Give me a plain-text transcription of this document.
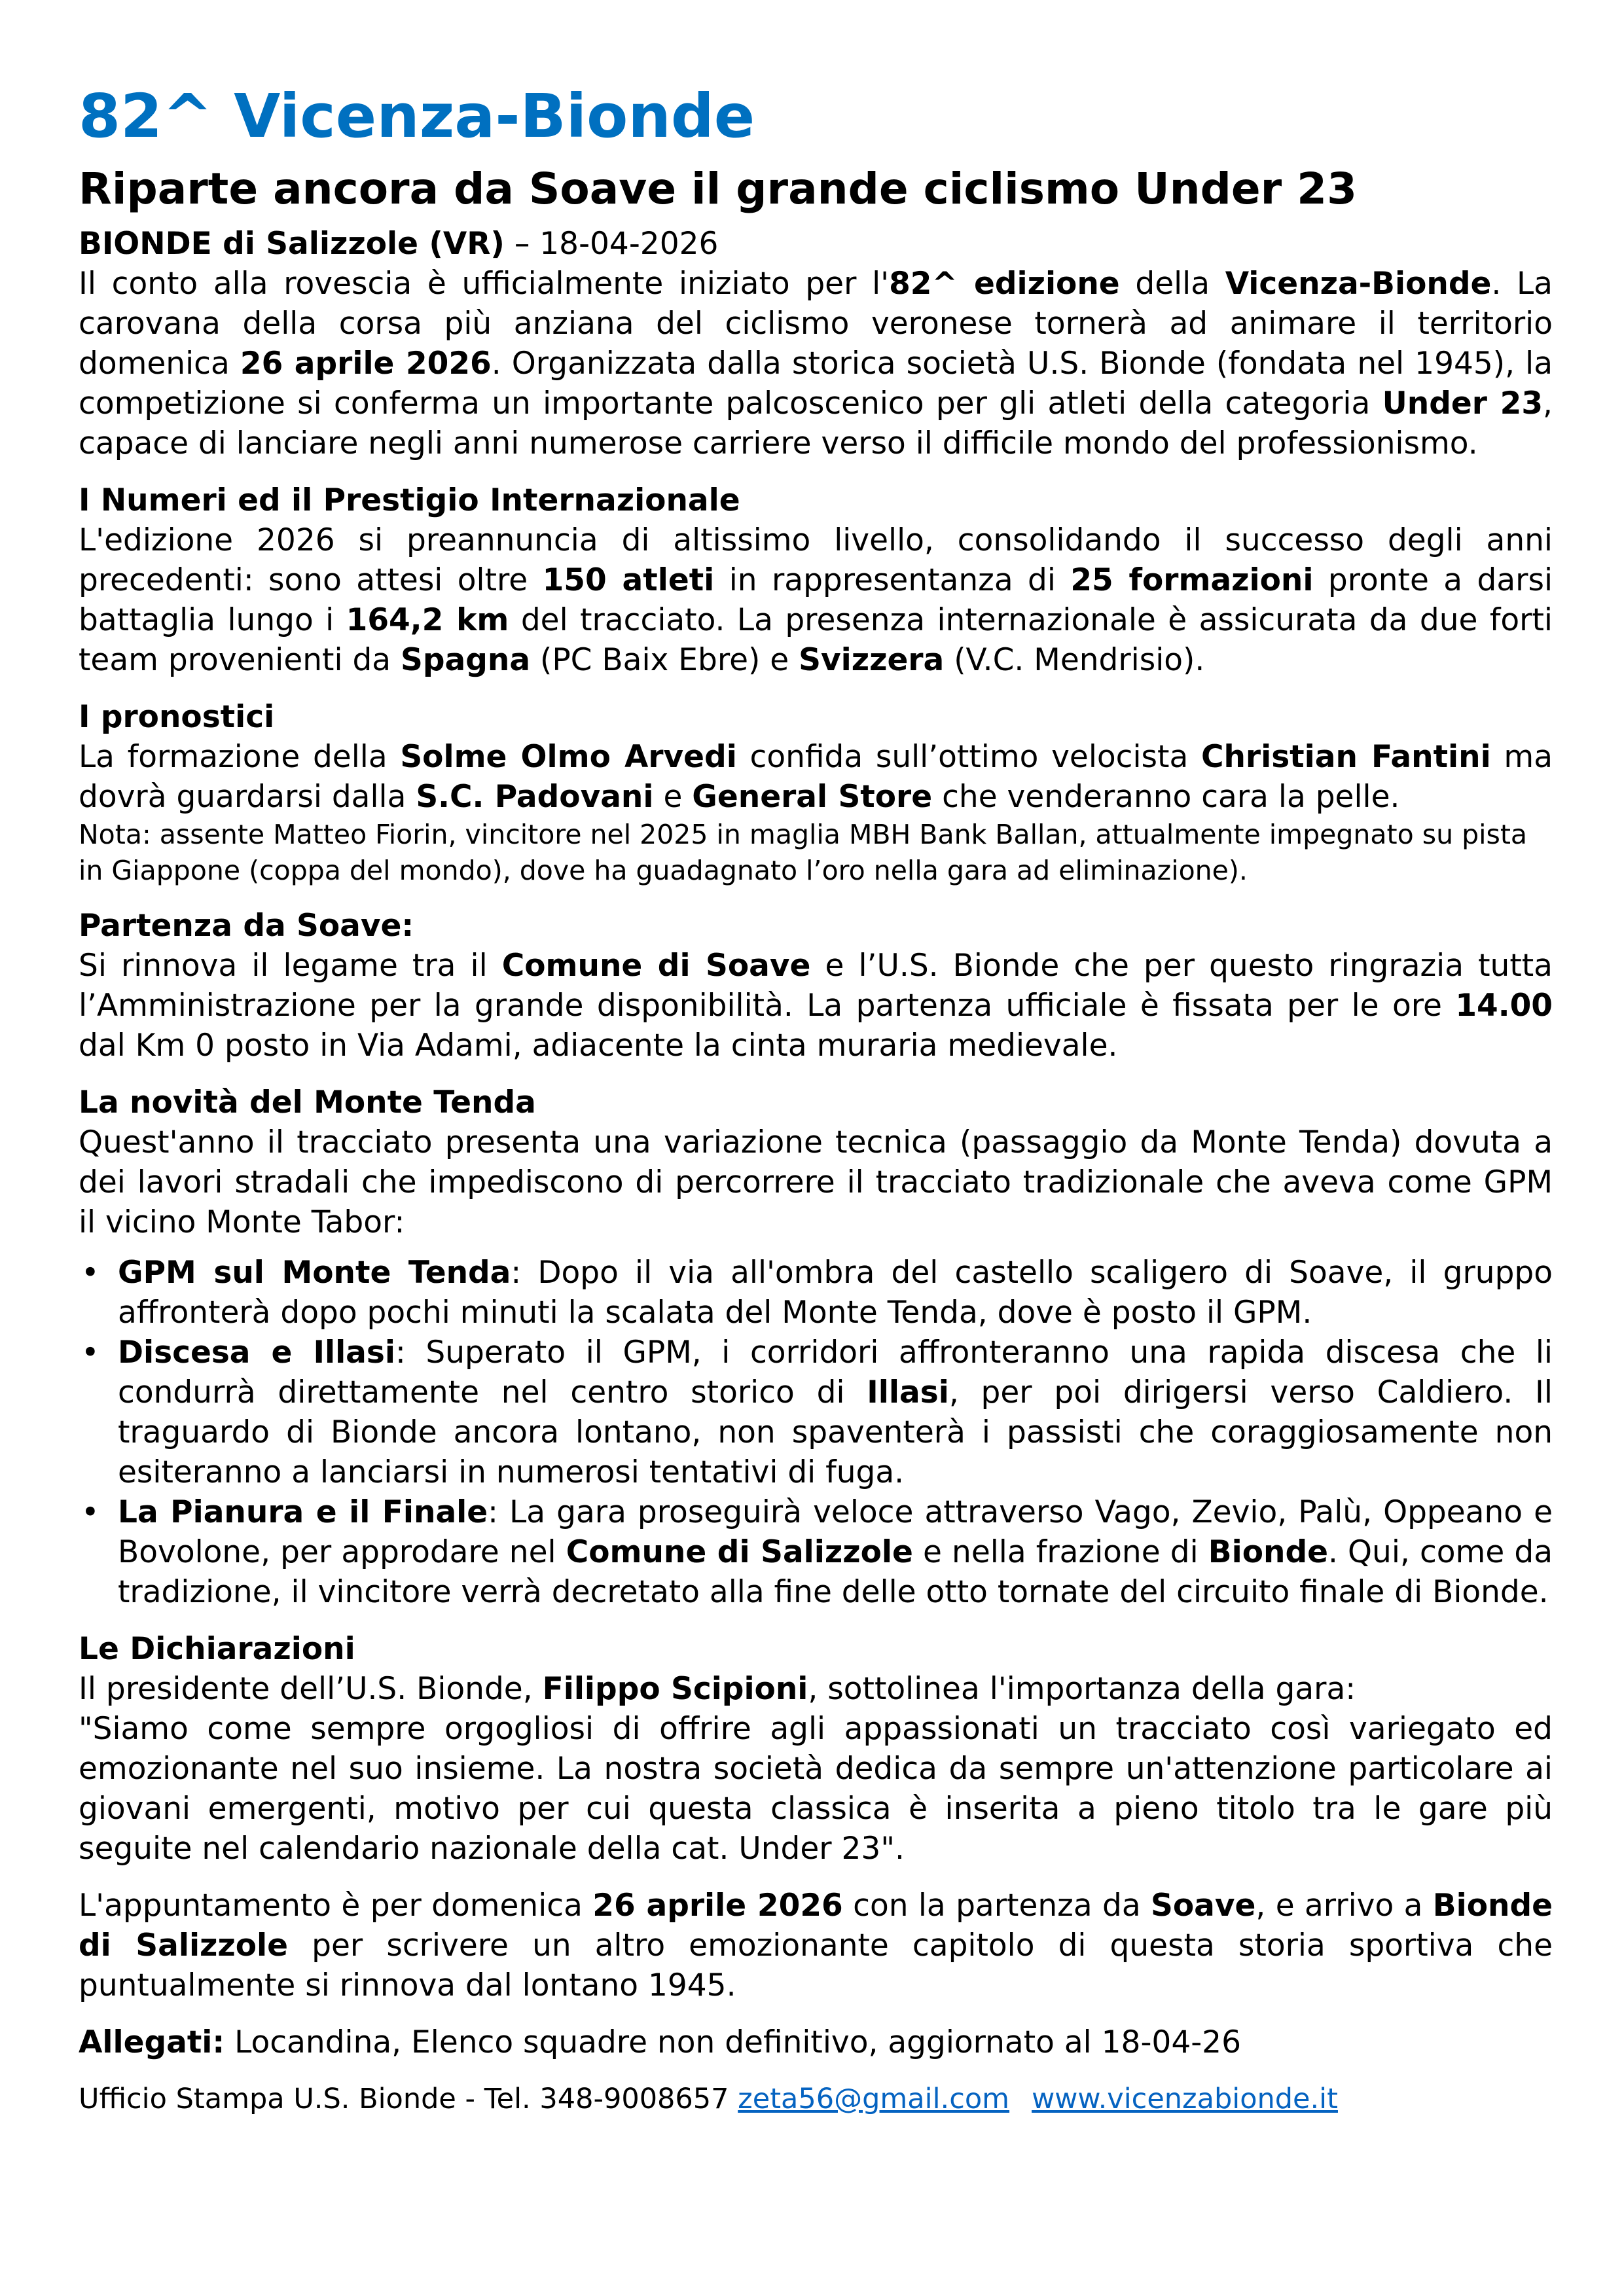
82^ Vicenza-Bionde
Riparte ancora da Soave il grande ciclismo Under 23
BIONDE di Salizzole (VR) – 18-04-2026

Il conto alla rovescia è ufficialmente iniziato per l'82^ edizione della Vicenza-Bionde. La carovana della corsa più anziana del ciclismo veronese tornerà ad animare il territorio domenica 26 aprile 2026. Organizzata dalla storica società U.S. Bionde (fondata nel 1945), la competizione si conferma un importante palcoscenico per gli atleti della categoria Under 23, capace di lanciare negli anni numerose carriere verso il difficile mondo del professionismo.

I Numeri ed il Prestigio Internazionale

L'edizione 2026 si preannuncia di altissimo livello, consolidando il successo degli anni precedenti: sono attesi oltre 150 atleti in rappresentanza di 25 formazioni pronte a darsi battaglia lungo i 164,2 km del tracciato. La presenza internazionale è assicurata da due forti team provenienti da Spagna (PC Baix Ebre) e Svizzera (V.C. Mendrisio).

I pronostici

La formazione della Solme Olmo Arvedi confida sull’ottimo velocista Christian Fantini ma dovrà guardarsi dalla S.C. Padovani e General Store che venderanno cara la pelle.

Nota: assente Matteo Fiorin, vincitore nel 2025 in maglia MBH Bank Ballan, attualmente impegnato su pista in Giappone (coppa del mondo), dove ha guadagnato l’oro nella gara ad eliminazione).

Partenza da Soave:

Si rinnova il legame tra il Comune di Soave e l’U.S. Bionde che per questo ringrazia tutta l’Amministrazione per la grande disponibilità. La partenza ufficiale è fissata per le ore 14.00 dal Km 0 posto in Via Adami, adiacente la cinta muraria medievale.

La novità del Monte Tenda

Quest'anno il tracciato presenta una variazione tecnica (passaggio da Monte Tenda) dovuta a dei lavori stradali che impediscono di percorrere il tracciato tradizionale che aveva come GPM il vicino Monte Tabor:

• GPM sul Monte Tenda: Dopo il via all'ombra del castello scaligero di Soave, il gruppo affronterà dopo pochi minuti la scalata del Monte Tenda, dove è posto il GPM.
• Discesa e Illasi: Superato il GPM, i corridori affronteranno una rapida discesa che li condurrà direttamente nel centro storico di Illasi, per poi dirigersi verso Caldiero. Il traguardo di Bionde ancora lontano, non spaventerà i passisti che coraggiosamente non esiteranno a lanciarsi in numerosi tentativi di fuga.
• La Pianura e il Finale: La gara proseguirà veloce attraverso Vago, Zevio, Palù, Oppeano e Bovolone, per approdare nel Comune di Salizzole e nella frazione di Bionde. Qui, come da tradizione, il vincitore verrà decretato alla fine delle otto tornate del circuito finale di Bionde.
Le Dichiarazioni

Il presidente dell’U.S. Bionde, Filippo Scipioni, sottolinea l'importanza della gara:

"Siamo come sempre orgogliosi di offrire agli appassionati un tracciato così variegato ed emozionante nel suo insieme. La nostra società dedica da sempre un'attenzione particolare ai giovani emergenti, motivo per cui questa classica è inserita a pieno titolo tra le gare più seguite nel calendario nazionale della cat. Under 23".

L'appuntamento è per domenica 26 aprile 2026 con la partenza da Soave, e arrivo a Bionde di Salizzole per scrivere un altro emozionante capitolo di questa storia sportiva che puntualmente si rinnova dal lontano 1945.

Allegati: Locandina, Elenco squadre non definitivo, aggiornato al 18-04-26

Ufficio Stampa U.S. Bionde - Tel. 348-9008657 zeta56@gmail.com www.vicenzabionde.it
